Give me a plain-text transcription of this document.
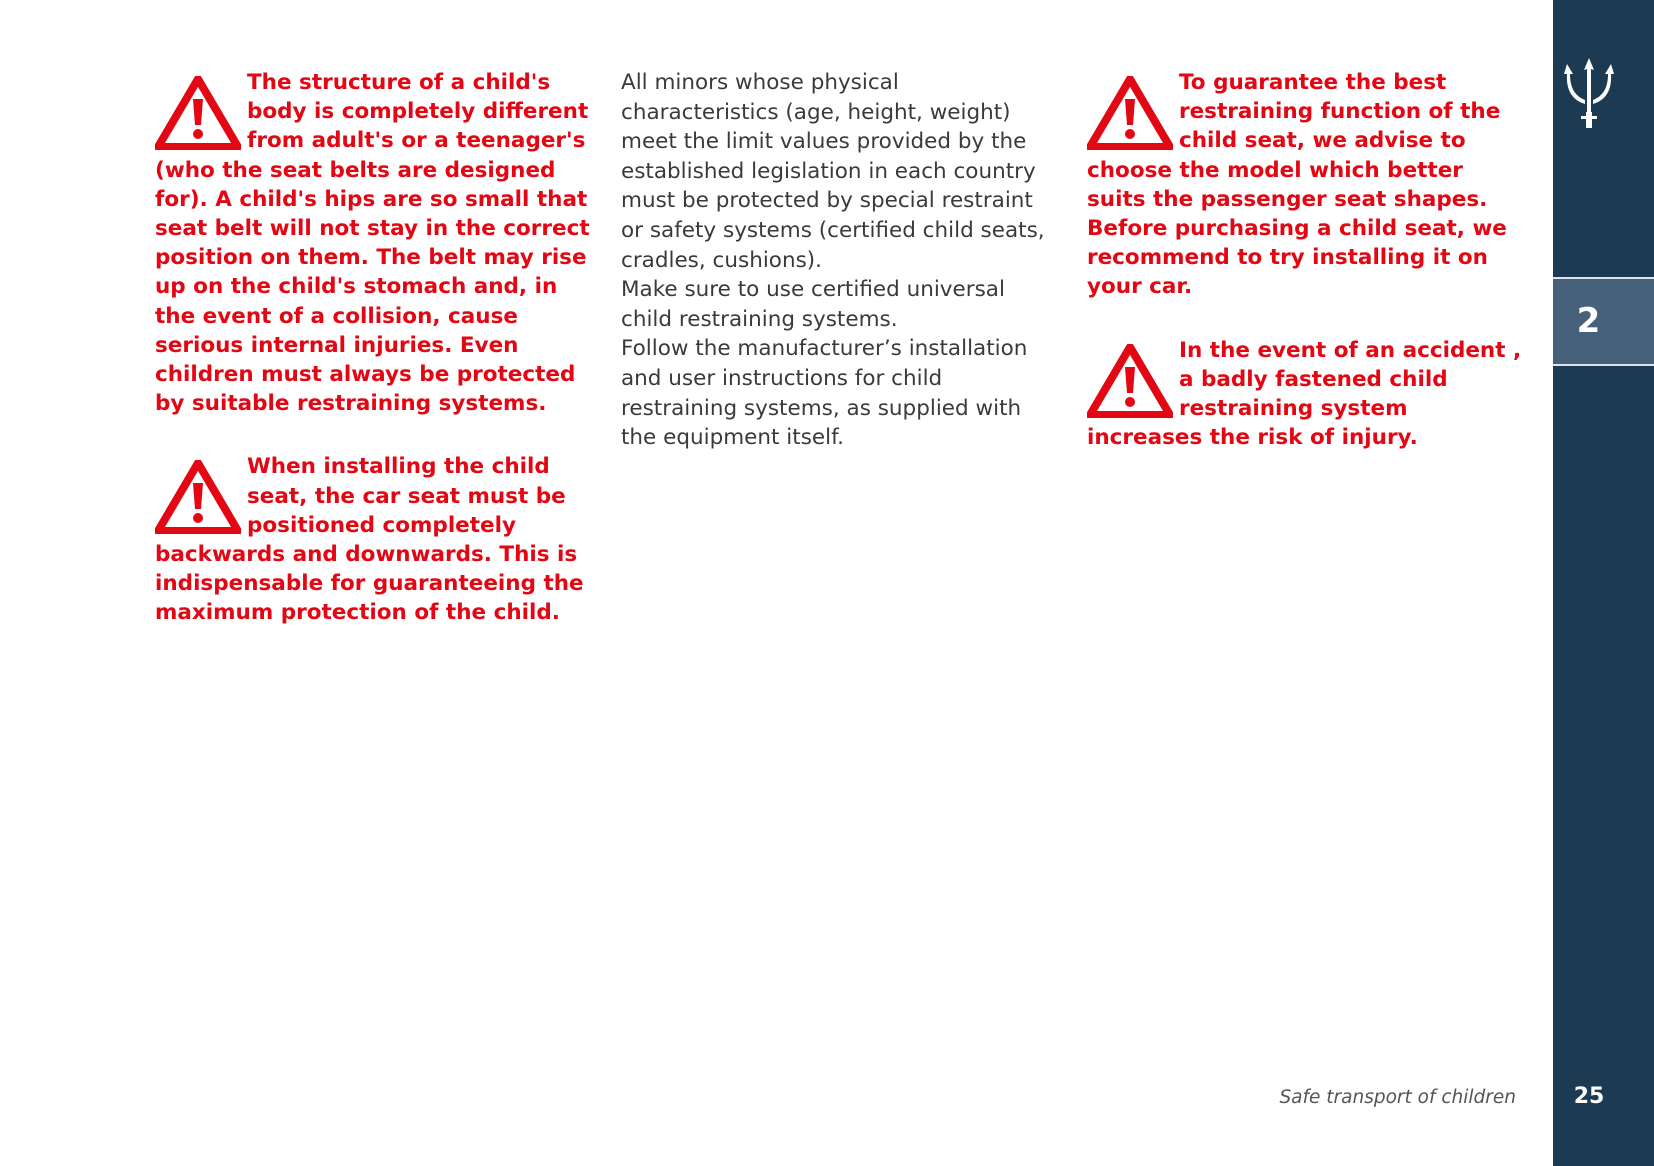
The structure of a child's body is completely different from adult's or a teenager's (who the seat belts are designed for). A child's hips are so small that seat belt will not stay in the correct position on them. The belt may rise up on the child's stomach and, in the event of a collision, cause serious internal injuries. Even children must always be protected by suitable restraining systems.
When installing the child seat, the car seat must be positioned completely backwards and downwards. This is indispensable for guaranteeing the maximum protection of the child.

All minors whose physical characteristics (age, height, weight) meet the limit values provided by the established legislation in each country must be protected by special restraint or safety systems (certified child seats, cradles, cushions).

Make sure to use certified universal child restraining systems.

Follow the manufacturer’s installation and user instructions for child restraining systems, as supplied with the equipment itself.

To guarantee the best restraining function of the child seat, we advise to choose the model which better suits the passenger seat shapes. Before purchasing a child seat, we recommend to try installing it on your car.
In the event of an accident , a badly fastened child restraining system increases the risk of injury.
2
Safe transport of children	25
